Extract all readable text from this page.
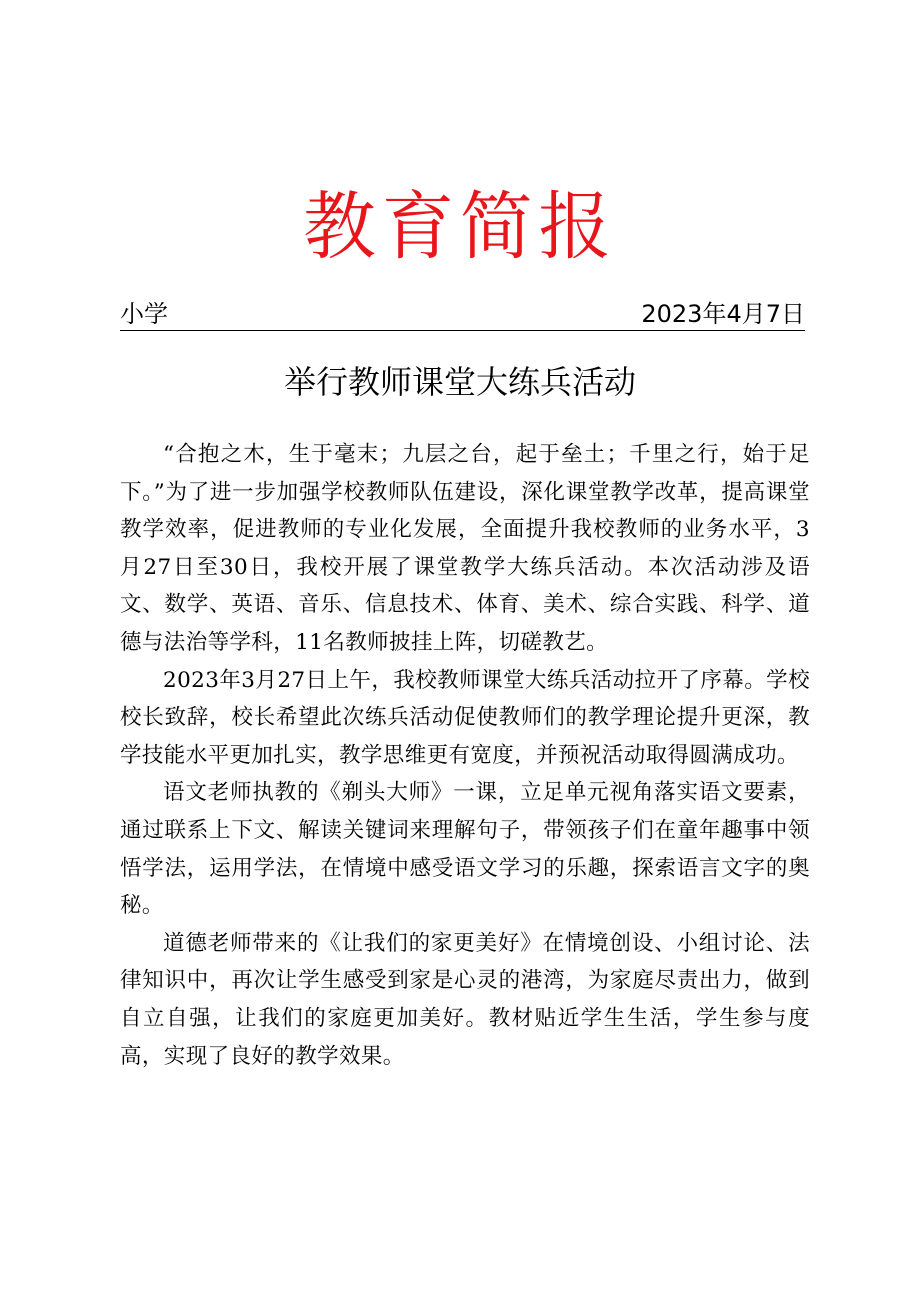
教育简报
小学	2023年4月7日
举行教师课堂大练兵活动

“合抱之木，生于毫末；九层之台，起于垒土；千里之行，始于足下。”为了进一步加强学校教师队伍建设，深化课堂教学改革，提高课堂教学效率，促进教师的专业化发展，全面提升我校教师的业务水平，3月27日至30日，我校开展了课堂教学大练兵活动。本次活动涉及语文、数学、英语、音乐、信息技术、体育、美术、综合实践、科学、道德与法治等学科，11名教师披挂上阵，切磋教艺。

2023年3月27日上午，我校教师课堂大练兵活动拉开了序幕。学校校长致辞，校长希望此次练兵活动促使教师们的教学理论提升更深，教学技能水平更加扎实，教学思维更有宽度，并预祝活动取得圆满成功。

语文老师执教的《剃头大师》一课，立足单元视角落实语文要素，通过联系上下文、解读关键词来理解句子，带领孩子们在童年趣事中领悟学法，运用学法，在情境中感受语文学习的乐趣，探索语言文字的奥秘。

道德老师带来的《让我们的家更美好》在情境创设、小组讨论、法律知识中，再次让学生感受到家是心灵的港湾，为家庭尽责出力，做到自立自强，让我们的家庭更加美好。教材贴近学生生活，学生参与度高，实现了良好的教学效果。
